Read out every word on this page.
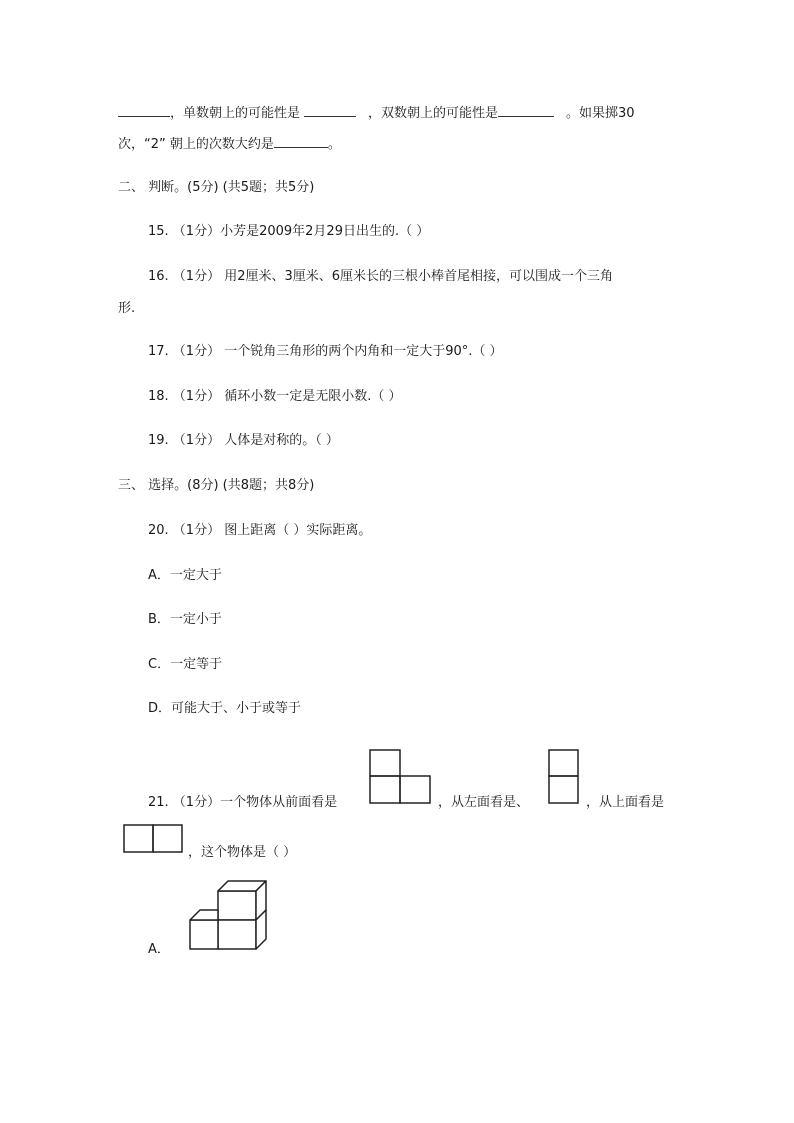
，单数朝上的可能性是	，双数朝上的可能性是	。如果掷30
次，“2” 朝上的次数大约是	。
二、 判断。(5分) (共5题；共5分)
15. （1分）小芳是2009年2月29日出生的.（ ）
16. （1分） 用2厘米、3厘米、6厘米长的三根小棒首尾相接，可以围成一个三角
形.
17. （1分） 一个锐角三角形的两个内角和一定大于90°.（ ）
18. （1分） 循环小数一定是无限小数.（ ）
19. （1分） 人体是对称的。（ ）
三、 选择。(8分) (共8题；共8分)
20. （1分） 图上距离（ ）实际距离。
A．一定大于
B．一定小于
C．一定等于
D．可能大于、小于或等于
21. （1分）一个物体从前面看是	，从左面看是、	，从上面看是
，这个物体是（ ）
A．
